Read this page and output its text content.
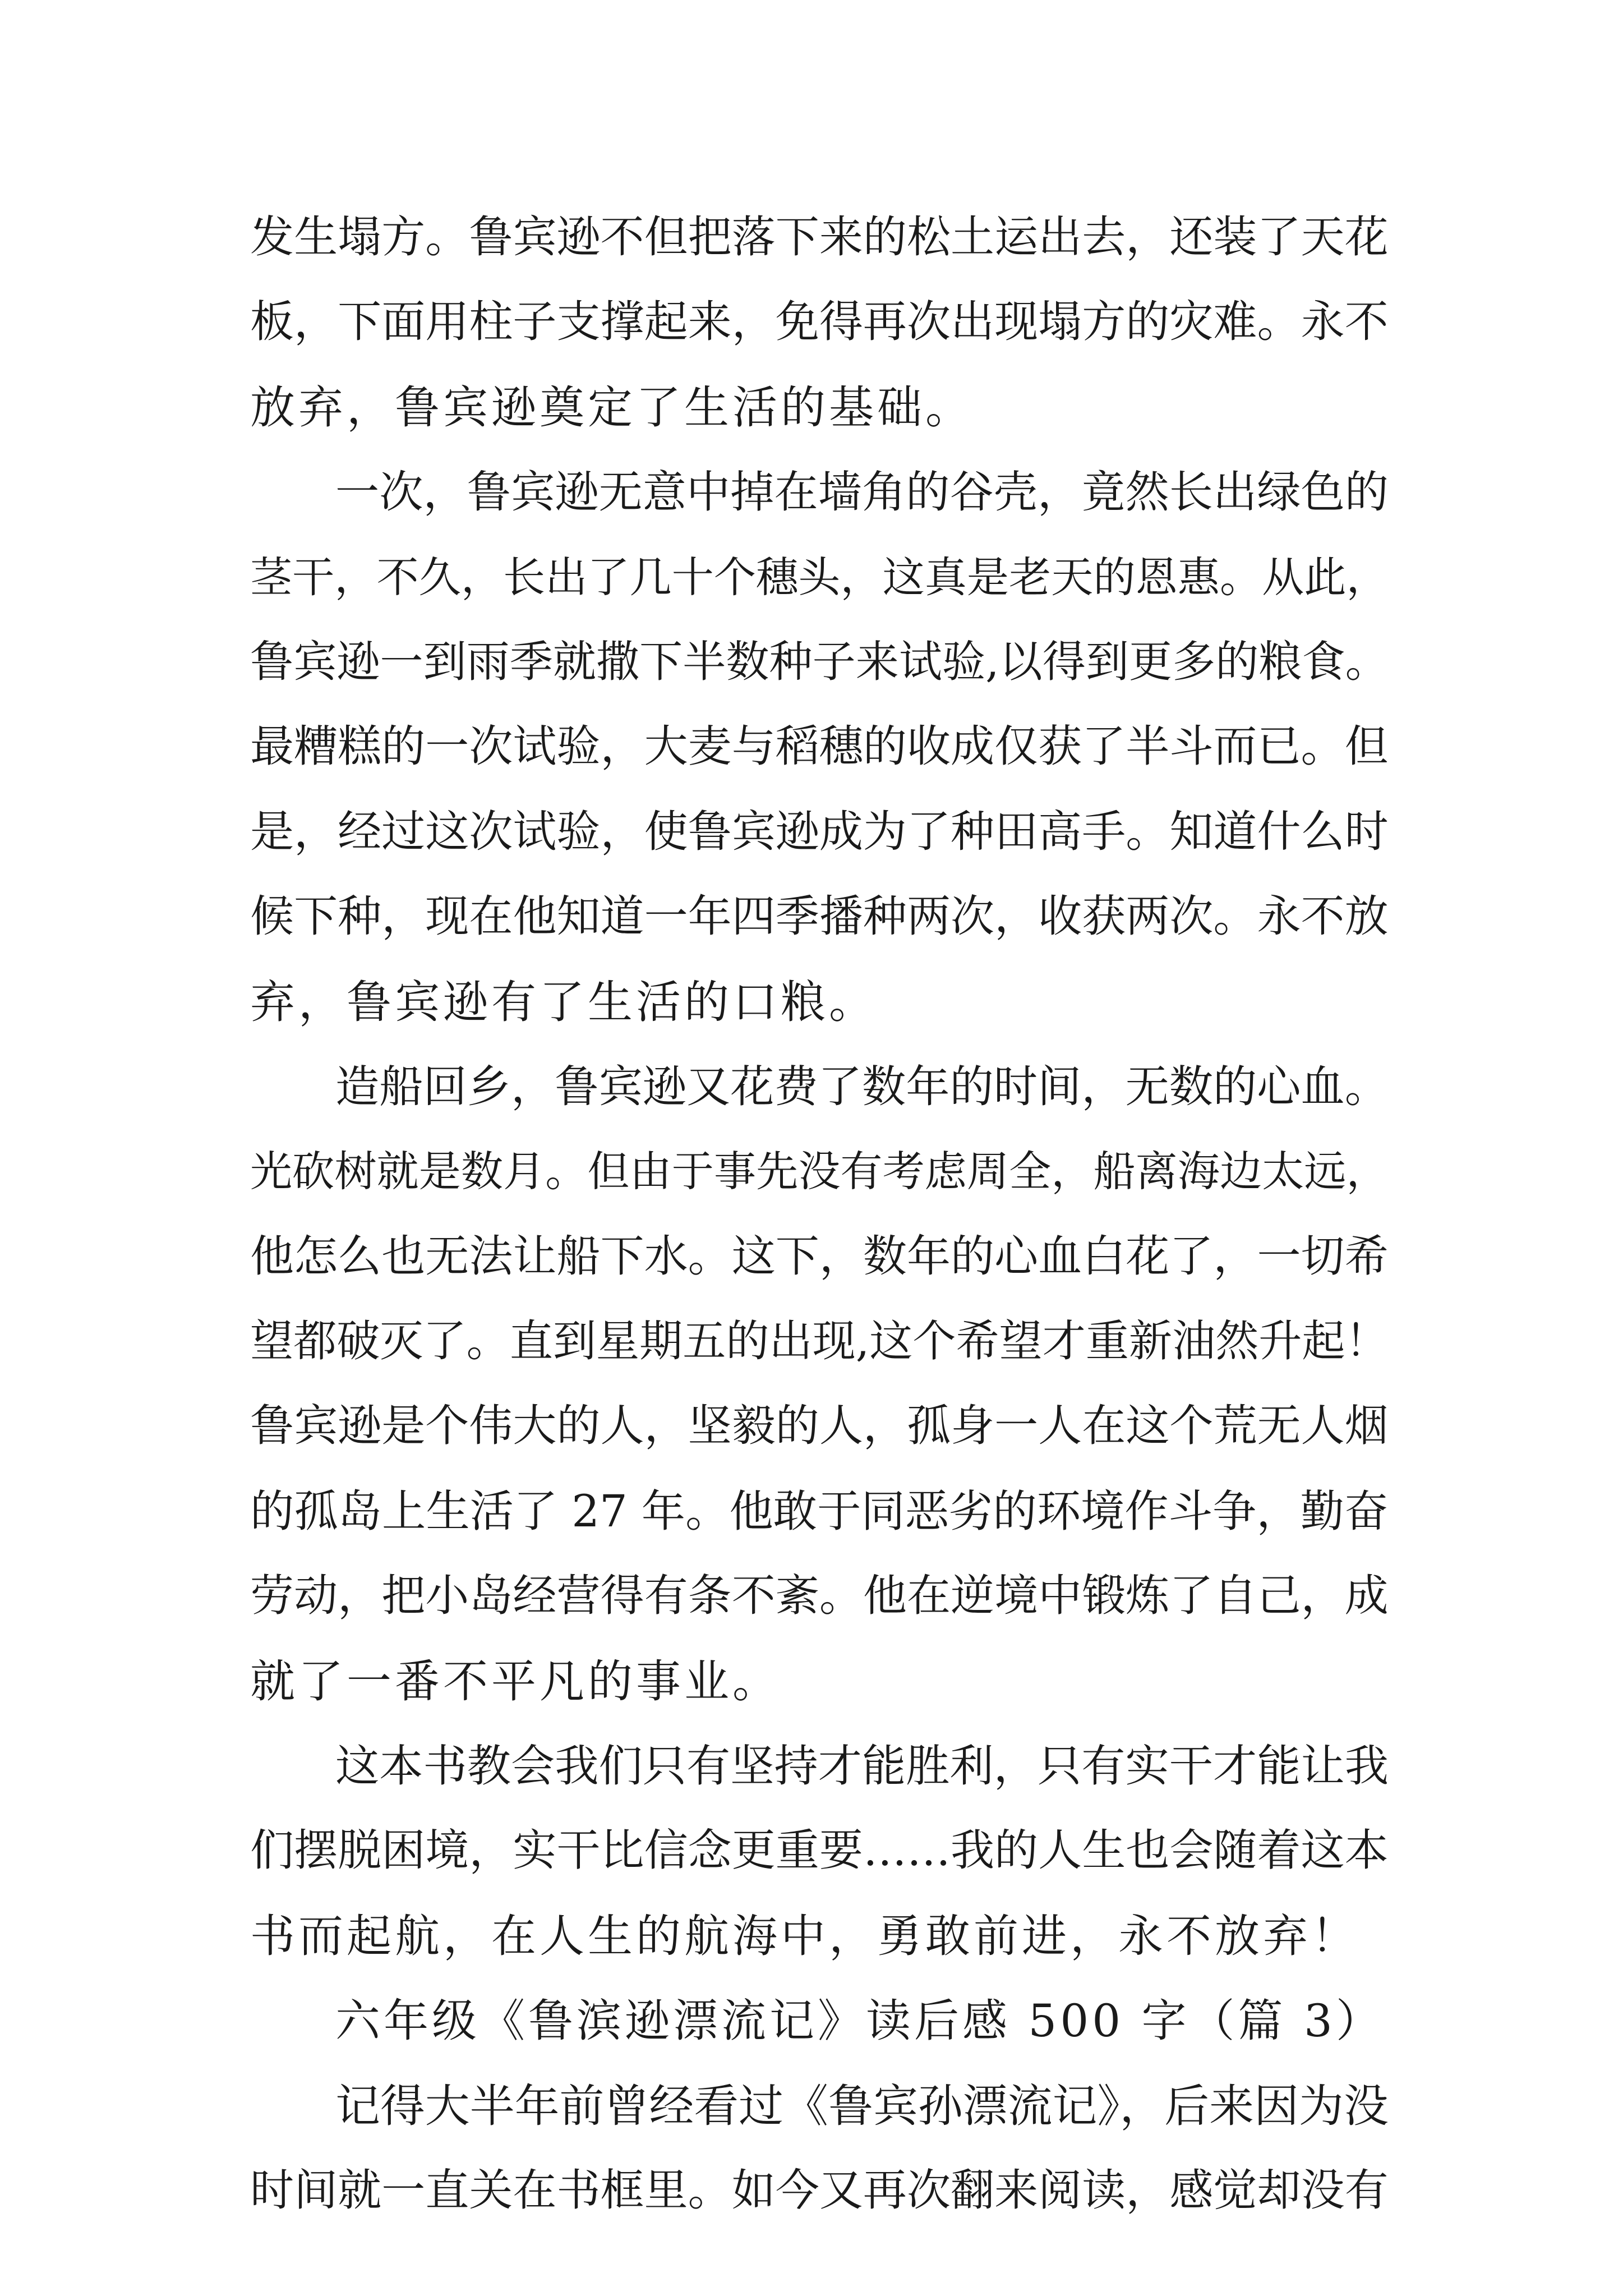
发生塌方。鲁宾逊不但把落下来的松土运出去，还装了天花
板，下面用柱子支撑起来，免得再次出现塌方的灾难。永不
放弃，鲁宾逊奠定了生活的基础。
一次，鲁宾逊无意中掉在墙角的谷壳，竟然长出绿色的
茎干，不久，长出了几十个穗头，这真是老天的恩惠。从此，
鲁宾逊一到雨季就撒下半数种子来试验,以得到更多的粮食。
最糟糕的一次试验，大麦与稻穗的收成仅获了半斗而已。但
是，经过这次试验，使鲁宾逊成为了种田高手。知道什么时
候下种，现在他知道一年四季播种两次，收获两次。永不放
弃，鲁宾逊有了生活的口粮。
造船回乡，鲁宾逊又花费了数年的时间，无数的心血。
光砍树就是数月。但由于事先没有考虑周全，船离海边太远，
他怎么也无法让船下水。这下，数年的心血白花了，一切希
望都破灭了。直到星期五的出现,这个希望才重新油然升起！
鲁宾逊是个伟大的人，坚毅的人，孤身一人在这个荒无人烟
的孤岛上生活了 27 年。他敢于同恶劣的环境作斗争，勤奋
劳动，把小岛经营得有条不紊。他在逆境中锻炼了自己，成
就了一番不平凡的事业。
这本书教会我们只有坚持才能胜利，只有实干才能让我
们摆脱困境，实干比信念更重要……我的人生也会随着这本
书而起航，在人生的航海中，勇敢前进，永不放弃！
六年级《鲁滨逊漂流记》读后感 500 字（篇 3）
记得大半年前曾经看过《鲁宾孙漂流记》，后来因为没
时间就一直关在书框里。如今又再次翻来阅读，感觉却没有
